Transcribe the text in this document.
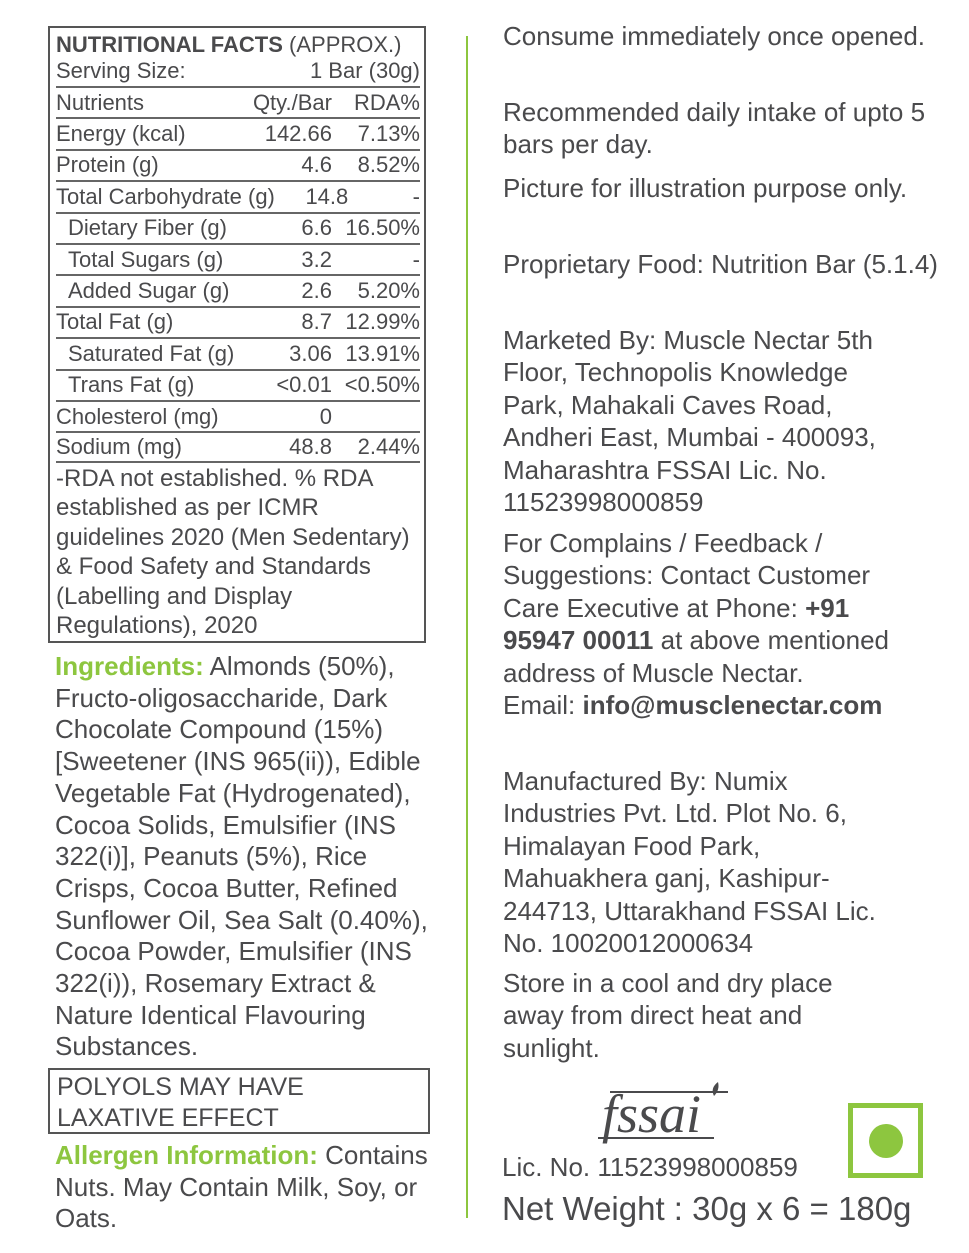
NUTRITIONAL FACTS (APPROX.)
Serving Size:	1 Bar (30g)
Nutrients	Qty./Bar RDA%
Energy (kcal)	142.66	7.13%
Protein (g)	4.6	8.52%
Total Carbohydrate (g)	14.8	-
Dietary Fiber (g)	6.6 16.50%
Total Sugars (g)	3.2	-
Added Sugar (g)	2.6	5.20%
Total Fat (g)	8.7 12.99%
Saturated Fat (g)	3.06 13.91%
Trans Fat (g)	<0.01 <0.50%
Cholesterol (mg)	0
Sodium (mg)	48.8	2.44%
-RDA not established. % RDA established as per ICMR guidelines 2020 (Men Sedentary) & Food Safety and Standards (Labelling and Display Regulations), 2020
Ingredients: Almonds (50%), Fructo-oligosaccharide, Dark Chocolate Compound (15%) [Sweetener (INS 965(ii)), Edible Vegetable Fat (Hydrogenated), Cocoa Solids, Emulsifier (INS 322(i)], Peanuts (5%), Rice Crisps, Cocoa Butter, Refined Sunflower Oil, Sea Salt (0.40%), Cocoa Powder, Emulsifier (INS 322(i)), Rosemary Extract & Nature Identical Flavouring Substances.
POLYOLS MAY HAVE LAXATIVE EFFECT
Allergen Information: Contains Nuts. May Contain Milk, Soy, or Oats.
Consume immediately once opened.
Recommended daily intake of upto 5 bars per day.
Picture for illustration purpose only.
Proprietary Food: Nutrition Bar (5.1.4)
Marketed By: Muscle Nectar 5th Floor, Technopolis Knowledge Park, Mahakali Caves Road, Andheri East, Mumbai - 400093, Maharashtra FSSAI Lic. No. 11523998000859
For Complains / Feedback / Suggestions: Contact Customer Care Executive at Phone: +91 95947 00011 at above mentioned address of Muscle Nectar.
Email: info@musclenectar.com
Manufactured By: Numix Industries Pvt. Ltd. Plot No. 6, Himalayan Food Park, Mahuakhera ganj, Kashipur- 244713, Uttarakhand FSSAI Lic. No. 10020012000634
Store in a cool and dry place away from direct heat and sunlight.
fssai
Lic. No. 11523998000859
Net Weight : 30g x 6 = 180g
